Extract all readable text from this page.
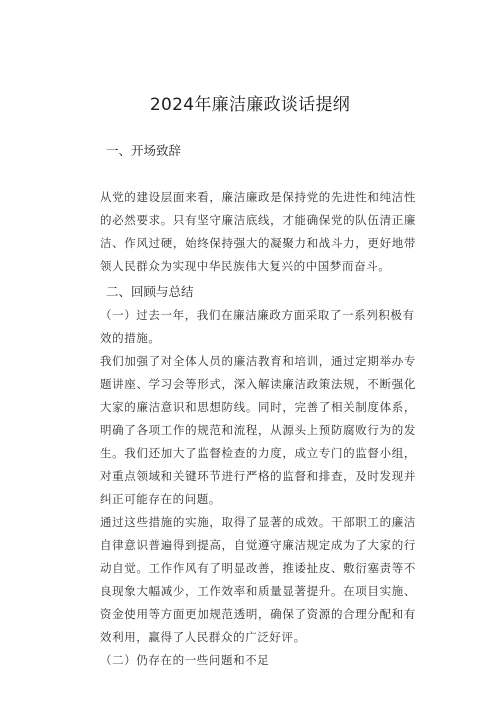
2024年廉洁廉政谈话提纲
一、开场致辞

从党的建设层面来看，廉洁廉政是保持党的先进性和纯洁性的必然要求。只有坚守廉洁底线，才能确保党的队伍清正廉洁、作风过硬，始终保持强大的凝聚力和战斗力，更好地带领人民群众为实现中华民族伟大复兴的中国梦而奋斗。

二、回顾与总结

（一）过去一年，我们在廉洁廉政方面采取了一系列积极有效的措施。

我们加强了对全体人员的廉洁教育和培训，通过定期举办专题讲座、学习会等形式，深入解读廉洁政策法规，不断强化大家的廉洁意识和思想防线。同时，完善了相关制度体系，明确了各项工作的规范和流程，从源头上预防腐败行为的发生。我们还加大了监督检查的力度，成立专门的监督小组，对重点领域和关键环节进行严格的监督和排查，及时发现并纠正可能存在的问题。

通过这些措施的实施，取得了显著的成效。干部职工的廉洁自律意识普遍得到提高，自觉遵守廉洁规定成为了大家的行动自觉。工作作风有了明显改善，推诿扯皮、敷衍塞责等不良现象大幅减少，工作效率和质量显著提升。在项目实施、资金使用等方面更加规范透明，确保了资源的合理分配和有效利用，赢得了人民群众的广泛好评。

（二）仍存在的一些问题和不足
